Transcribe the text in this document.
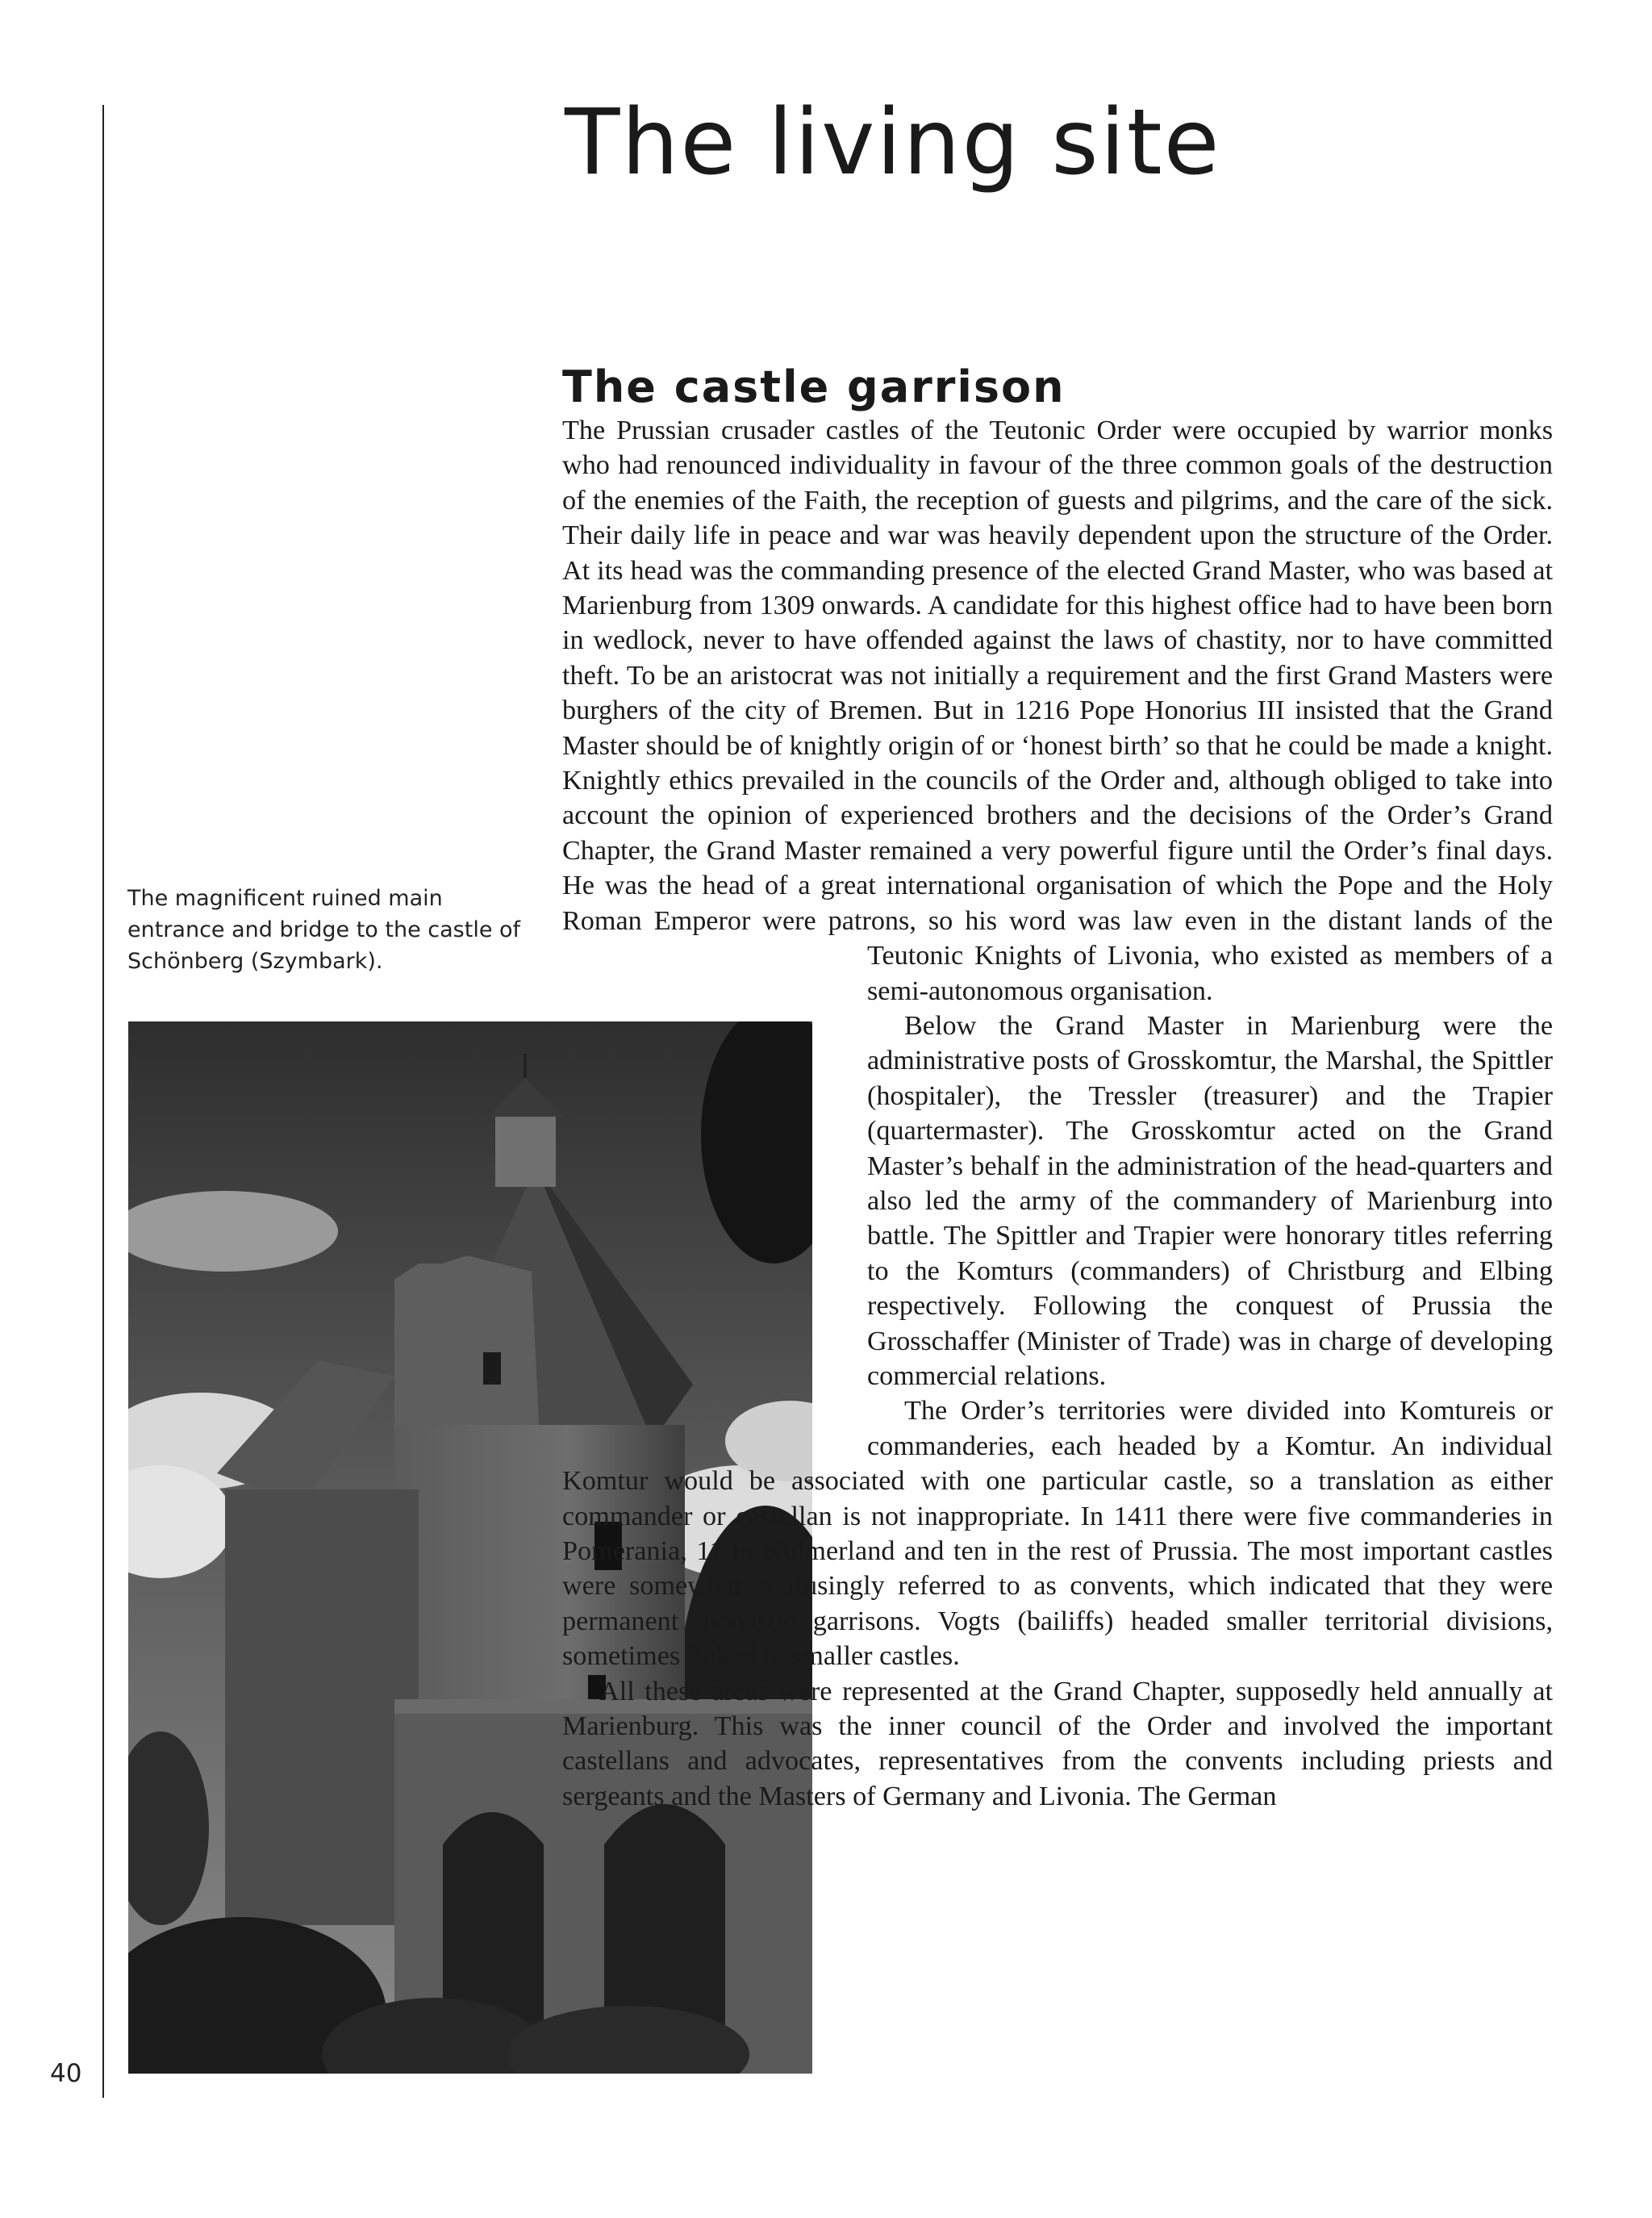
40
The living site
The castle garrison
The magnificent ruined main entrance and bridge to the castle of Schönberg (Szymbark).

The Prussian crusader castles of the Teutonic Order were occupied by warrior monks who had renounced individuality in favour of the three common goals of the destruction of the enemies of the Faith, the reception of guests and pilgrims, and the care of the sick. Their daily life in peace and war was heavily dependent upon the structure of the Order. At its head was the commanding presence of the elected Grand Master, who was based at Marienburg from 1309 onwards. A candidate for this highest office had to have been born in wedlock, never to have offended against the laws of chastity, nor to have committed theft. To be an aristocrat was not initially a requirement and the first Grand Masters were burghers of the city of Bremen. But in 1216 Pope Honorius III insisted that the Grand Master should be of knightly origin of or ‘honest birth’ so that he could be made a knight. Knightly ethics prevailed in the councils of the Order and, although obliged to take into account the opinion of experienced brothers and the decisions of the Order’s Grand Chapter, the Grand Master remained a very powerful figure until the Order’s final days. He was the head of a great international organisation of which the Pope and the Holy Roman Emperor were patrons, so his word was law even in the distant lands of the Teutonic Knights of Livonia, who existed as members of a semi-autonomous organisation.

Below the Grand Master in Marienburg were the administrative posts of Grosskomtur, the Marshal, the Spittler (hospitaler), the Tressler (treasurer) and the Trapier (quartermaster). The Grosskomtur acted on the Grand Master’s behalf in the administration of the head-quarters and also led the army of the commandery of Marienburg into battle. The Spittler and Trapier were honorary titles referring to the Komturs (commanders) of Christburg and Elbing respectively. Following the conquest of Prussia the Grosschaffer (Minister of Trade) was in charge of developing commercial relations.

The Order’s territories were divided into Komtureis or commanderies, each headed by a Komtur. An individual Komtur would be associated with one particular castle, so a translation as either commander or castellan is not inappropriate. In 1411 there were five commanderies in Pomerania, 11 in Kulmerland and ten in the rest of Prussia. The most important castles were somewhat confusingly referred to as convents, which indicated that they were permanent monastic garrisons. Vogts (bailiffs) headed smaller territorial divisions, sometimes linked to smaller castles.

All these areas were represented at the Grand Chapter, supposedly held annually at Marienburg. This was the inner council of the Order and involved the important castellans and advocates, representatives from the convents including priests and sergeants and the Masters of Germany and Livonia. The German
